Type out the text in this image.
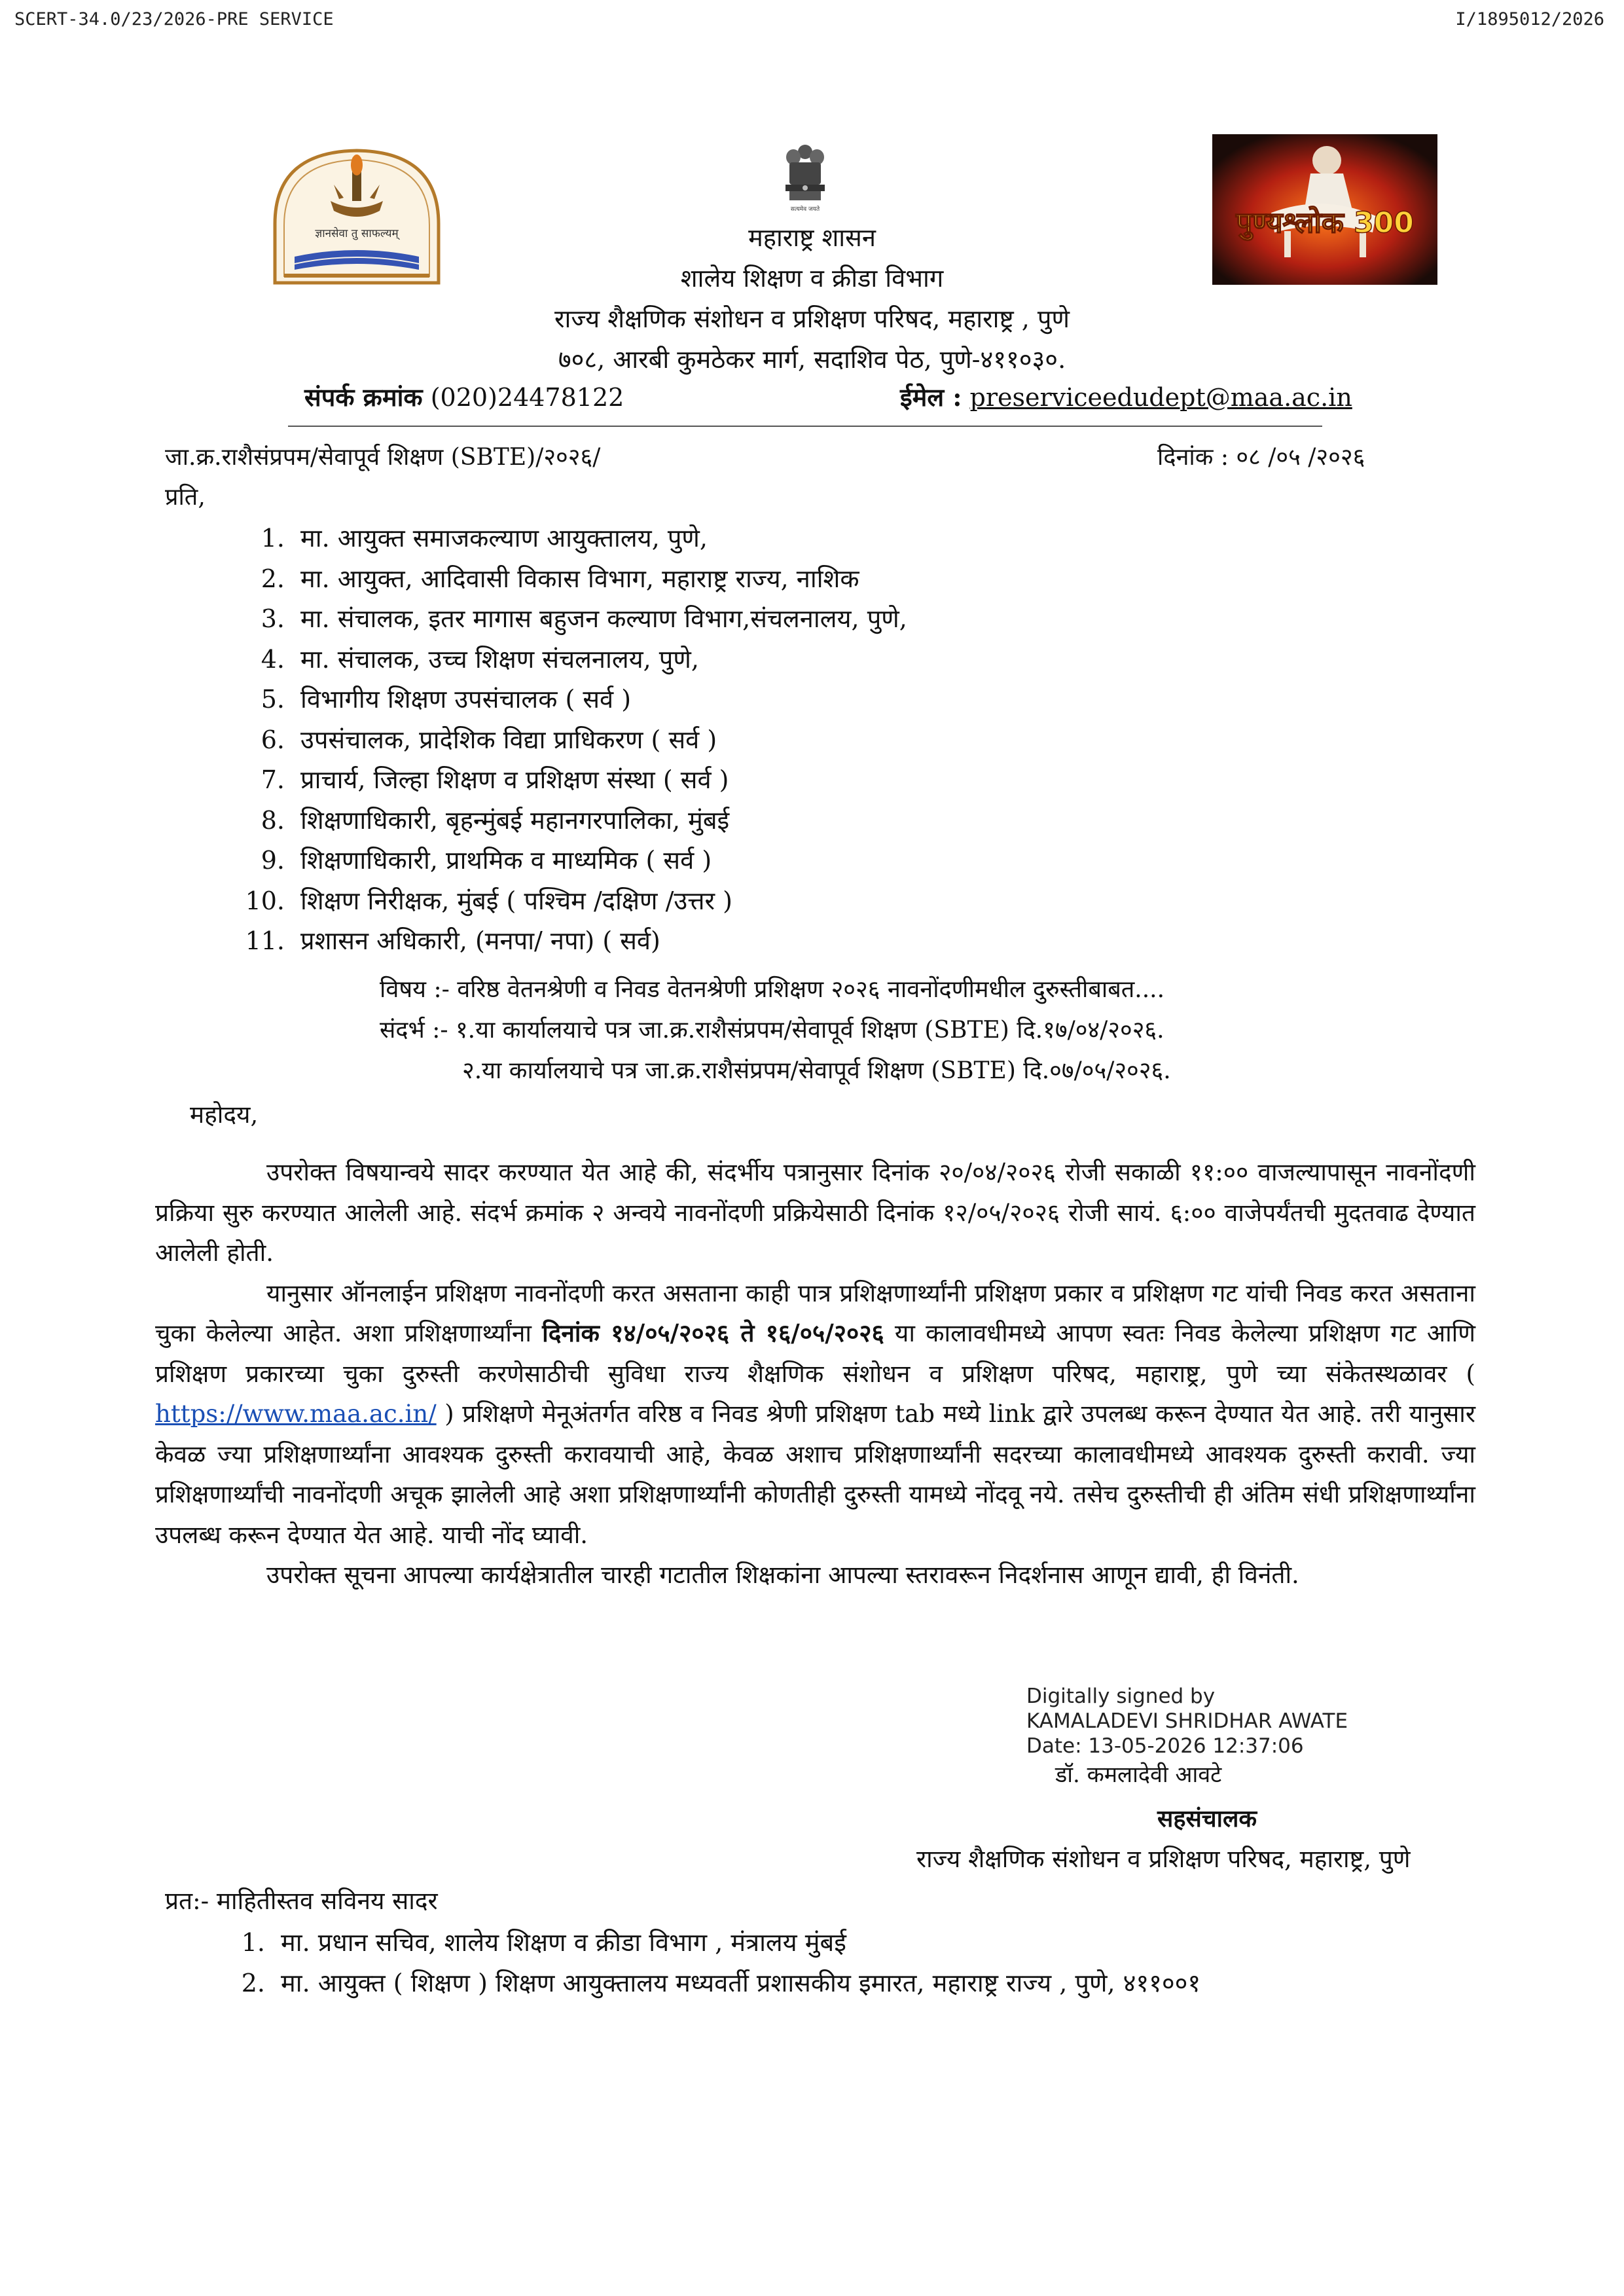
SCERT-34.0/23/2026-PRE SERVICE	I/1895012/2026
ज्ञानसेवा तु साफल्यम्
सत्यमेव जयते	पुण्यश्लोक 300
महाराष्ट्र शासन
शालेय शिक्षण व क्रीडा विभाग
राज्य शैक्षणिक संशोधन व प्रशिक्षण परिषद, महाराष्ट्र , पुणे
७०८, आरबी कुमठेकर मार्ग, सदाशिव पेठ, पुणे-४११०३०.
संपर्क क्रमांक (020)24478122	ईमेल : preserviceedudept@maa.ac.in
जा.क्र.राशैसंप्रपम/सेवापूर्व शिक्षण (SBTE)/२०२६/	दिनांक : ०८ /०५ /२०२६
प्रति,
1. मा. आयुक्त समाजकल्याण आयुक्तालय, पुणे,
2. मा. आयुक्त, आदिवासी विकास विभाग, महाराष्ट्र राज्य, नाशिक
3. मा. संचालक, इतर मागास बहुजन कल्याण विभाग,संचलनालय, पुणे,
4. मा. संचालक, उच्च शिक्षण संचलनालय, पुणे,
5. विभागीय शिक्षण उपसंचालक ( सर्व )
6. उपसंचालक, प्रादेशिक विद्या प्राधिकरण ( सर्व )
7. प्राचार्य, जिल्हा शिक्षण व प्रशिक्षण संस्था ( सर्व )
8. शिक्षणाधिकारी, बृहन्मुंबई महानगरपालिका, मुंबई
9. शिक्षणाधिकारी, प्राथमिक व माध्यमिक ( सर्व )
10. शिक्षण निरीक्षक, मुंबई ( पश्चिम /दक्षिण /उत्तर )
11. प्रशासन अधिकारी, (मनपा/ नपा) ( सर्व)
विषय :- वरिष्ठ वेतनश्रेणी व निवड वेतनश्रेणी प्रशिक्षण २०२६ नावनोंदणीमधील दुरुस्तीबाबत....
संदर्भ :- १.या कार्यालयाचे पत्र जा.क्र.राशैसंप्रपम/सेवापूर्व शिक्षण (SBTE) दि.१७/०४/२०२६.
२.या कार्यालयाचे पत्र जा.क्र.राशैसंप्रपम/सेवापूर्व शिक्षण (SBTE) दि.०७/०५/२०२६.
महोदय,

उपरोक्त विषयान्वये सादर करण्यात येत आहे की, संदर्भीय पत्रानुसार दिनांक २०/०४/२०२६ रोजी सकाळी ११:०० वाजल्यापासून नावनोंदणी प्रक्रिया सुरु करण्यात आलेली आहे. संदर्भ क्रमांक २ अन्वये नावनोंदणी प्रक्रियेसाठी दिनांक १२/०५/२०२६ रोजी सायं. ६:०० वाजेपर्यंतची मुदतवाढ देण्यात आलेली होती.

यानुसार ऑनलाईन प्रशिक्षण नावनोंदणी करत असताना काही पात्र प्रशिक्षणार्थ्यांनी प्रशिक्षण प्रकार व प्रशिक्षण गट यांची निवड करत असताना चुका केलेल्या आहेत. अशा प्रशिक्षणार्थ्यांना दिनांक १४/०५/२०२६ ते १६/०५/२०२६ या कालावधीमध्ये आपण स्वतः निवड केलेल्या प्रशिक्षण गट आणि प्रशिक्षण प्रकारच्या चुका दुरुस्ती करणेसाठीची सुविधा राज्य शैक्षणिक संशोधन व प्रशिक्षण परिषद, महाराष्ट्र, पुणे च्या संकेतस्थळावर ( https://www.maa.ac.in/ ) प्रशिक्षणे मेनूअंतर्गत वरिष्ठ व निवड श्रेणी प्रशिक्षण tab मध्ये link द्वारे उपलब्ध करून देण्यात येत आहे. तरी यानुसार केवळ ज्या प्रशिक्षणार्थ्यांना आवश्यक दुरुस्ती करावयाची आहे, केवळ अशाच प्रशिक्षणार्थ्यांनी सदरच्या कालावधीमध्ये आवश्यक दुरुस्ती करावी. ज्या प्रशिक्षणार्थ्यांची नावनोंदणी अचूक झालेली आहे अशा प्रशिक्षणार्थ्यांनी कोणतीही दुरुस्ती यामध्ये नोंदवू नये. तसेच दुरुस्तीची ही अंतिम संधी प्रशिक्षणार्थ्यांना उपलब्ध करून देण्यात येत आहे. याची नोंद घ्यावी.

उपरोक्त सूचना आपल्या कार्यक्षेत्रातील चारही गटातील शिक्षकांना आपल्या स्तरावरून निदर्शनास आणून द्यावी, ही विनंती.

Digitally signed by
KAMALADEVI SHRIDHAR AWATE
Date: 13-05-2026 12:37:06
डॉ. कमलादेवी आवटे
सहसंचालक
राज्य शैक्षणिक संशोधन व प्रशिक्षण परिषद, महाराष्ट्र, पुणे
प्रत:- माहितीस्तव सविनय सादर
1. मा. प्रधान सचिव, शालेय शिक्षण व क्रीडा विभाग , मंत्रालय मुंबई
2. मा. आयुक्त ( शिक्षण ) शिक्षण आयुक्तालय मध्यवर्ती प्रशासकीय इमारत, महाराष्ट्र राज्य , पुणे, ४११००१
